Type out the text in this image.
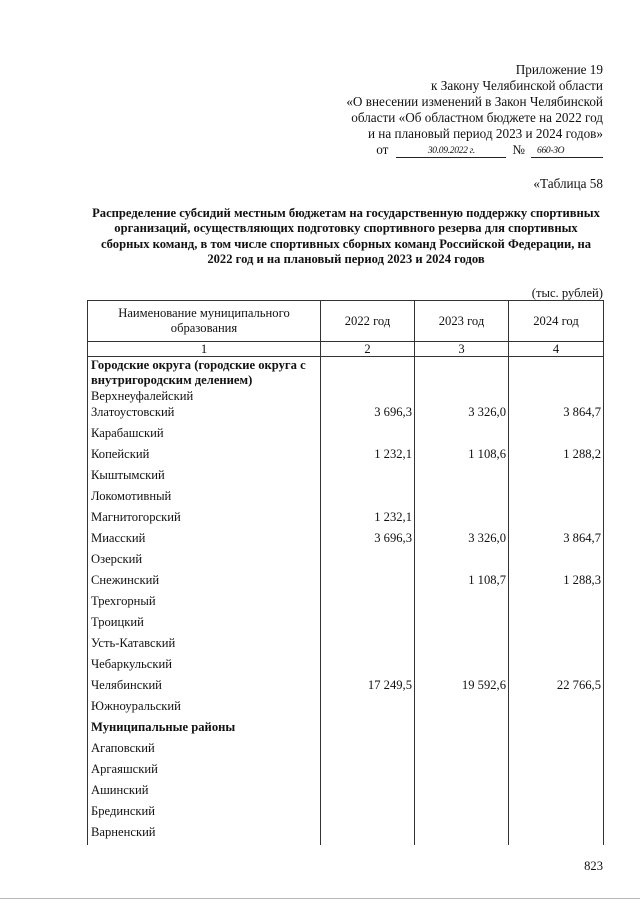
Приложение 19
к Закону Челябинской области
«О внесении изменений в Закон Челябинской
области «Об областном бюджете на 2022 год
и на плановый период 2023 и 2024 годов»
от	30.09.2022 г.	№	660-ЗО
«Таблица 58
Распределение субсидий местным бюджетам на государственную поддержку спортивных организаций, осуществляющих подготовку спортивного резерва для спортивных сборных команд, в том числе спортивных сборных команд Российской Федерации, на 2022 год и на плановый период 2023 и 2024 годов
(тыс. рублей)
Наименование муниципального образования	2022 год	2023 год	2024 год
1	2	3	4
Городские округа (городские округа с внутригородским делением)			
Верхнеуфалейский			
Златоустовский	3 696,3	3 326,0	3 864,7
Карабашский			
Копейский	1 232,1	1 108,6	1 288,2
Кыштымский			
Локомотивный			
Магнитогорский	1 232,1		
Миасский	3 696,3	3 326,0	3 864,7
Озерский			
Снежинский		1 108,7	1 288,3
Трехгорный			
Троицкий			
Усть-Катавский			
Чебаркульский			
Челябинский	17 249,5	19 592,6	22 766,5
Южноуральский			
Муниципальные районы			
Агаповский			
Аргаяшский			
Ашинский			
Брединский			
Варненский			
823
